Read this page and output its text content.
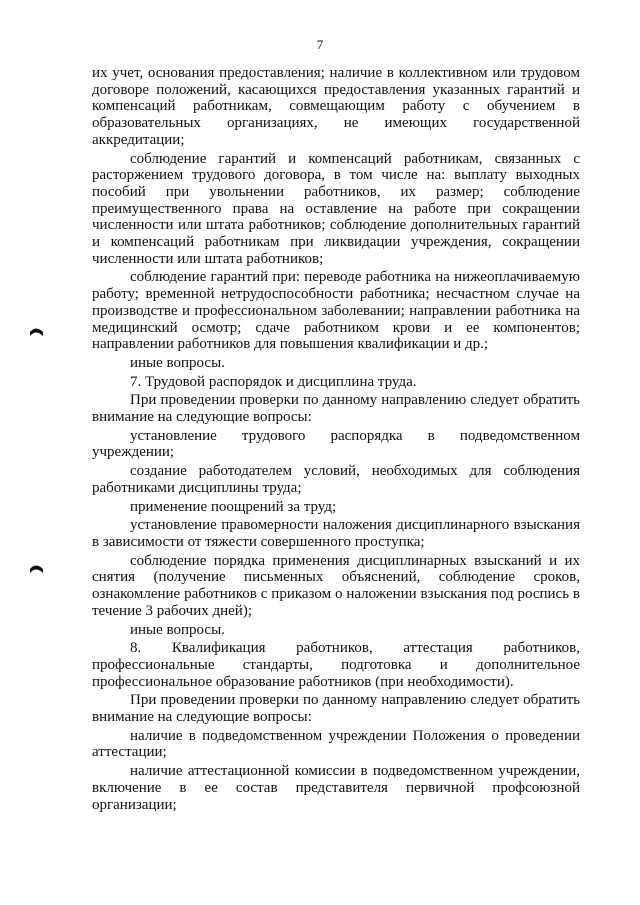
7

их учет, основания предоставления; наличие в коллективном или трудовом договоре положений, касающихся предоставления указанных гарантий и компенсаций работникам, совмещающим работу с обучением в образовательных организациях, не имеющих государственной аккредитации;

соблюдение гарантий и компенсаций работникам, связанных с расторжением трудового договора, в том числе на: выплату выходных пособий при увольнении работников, их размер; соблюдение преимущественного права на оставление на работе при сокращении численности или штата работников; соблюдение дополнительных гарантий и компенсаций работникам при ликвидации учреждения, сокращении численности или штата работников;

соблюдение гарантий при: переводе работника на нижеоплачиваемую работу; временной нетрудоспособности работника; несчастном случае на производстве и профессиональном заболевании; направлении работника на медицинский осмотр; сдаче работником крови и ее компонентов; направлении работников для повышения квалификации и др.;

иные вопросы.

7. Трудовой распорядок и дисциплина труда.

При проведении проверки по данному направлению следует обратить внимание на следующие вопросы:

установление трудового распорядка в подведомственном учреждении;

создание работодателем условий, необходимых для соблюдения работниками дисциплины труда;

применение поощрений за труд;

установление правомерности наложения дисциплинарного взыскания в зависимости от тяжести совершенного проступка;

соблюдение порядка применения дисциплинарных взысканий и их снятия (получение письменных объяснений, соблюдение сроков, ознакомление работников с приказом о наложении взыскания под роспись в течение 3 рабочих дней);

иные вопросы.

8. Квалификация работников, аттестация работников, профессиональные стандарты, подготовка и дополнительное профессиональное образование работников (при необходимости).

При проведении проверки по данному направлению следует обратить внимание на следующие вопросы:

наличие в подведомственном учреждении Положения о проведении аттестации;

наличие аттестационной комиссии в подведомственном учреждении, включение в ее состав представителя первичной профсоюзной организации;
